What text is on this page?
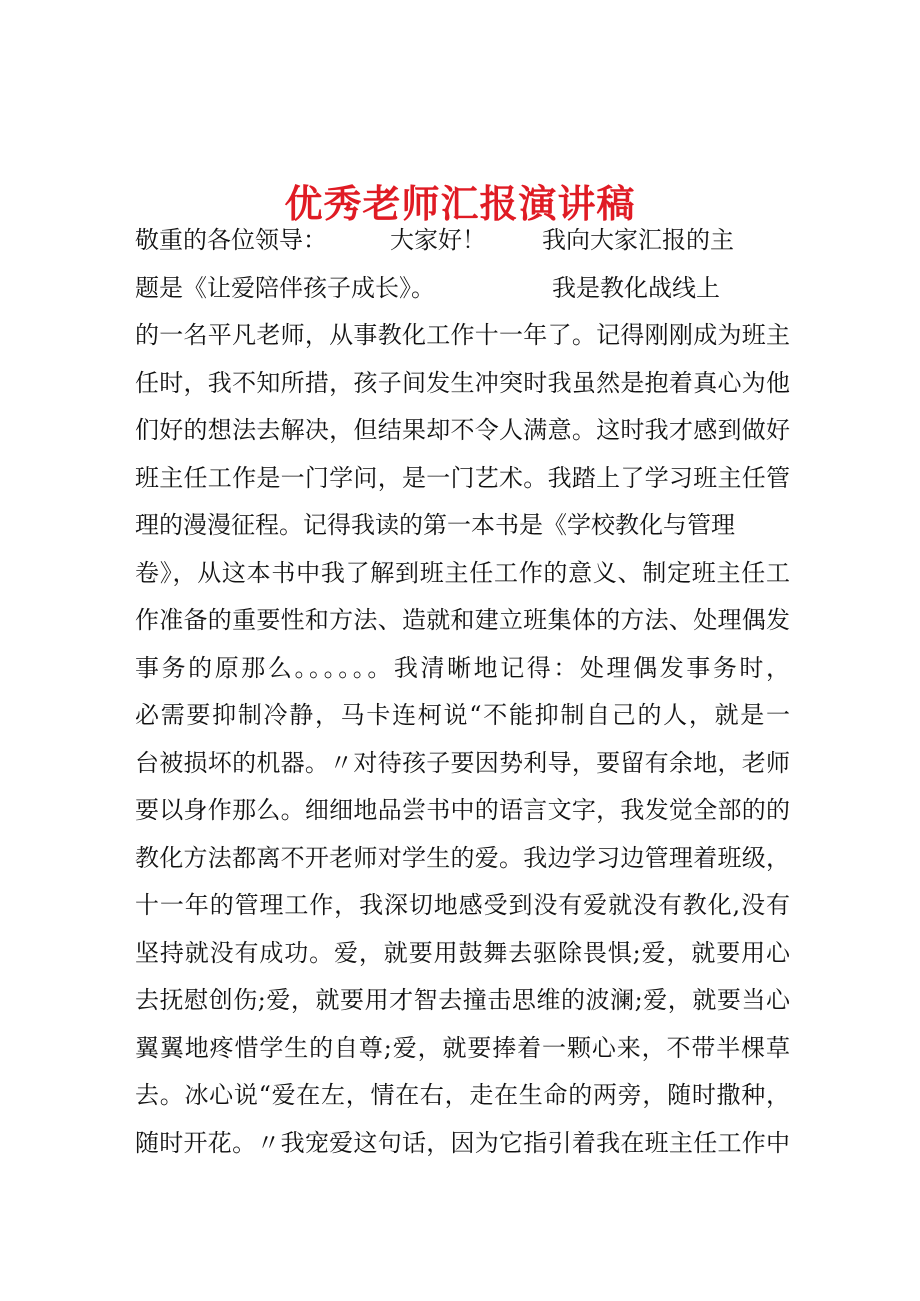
优秀老师汇报演讲稿
敬重的各位领导：	大家好！ 我向大家汇报的主
题是《让爱陪伴孩子成长》。	我是教化战线上
的一名平凡老师，从事教化工作十一年了。记得刚刚成为班主
任时，我不知所措，孩子间发生冲突时我虽然是抱着真心为他
们好的想法去解决，但结果却不令人满意。这时我才感到做好
班主任工作是一门学问，是一门艺术。我踏上了学习班主任管
理的漫漫征程。记得我读的第一本书是《学校教化与管理
卷》，从这本书中我了解到班主任工作的意义、制定班主任工
作准备的重要性和方法、造就和建立班集体的方法、处理偶发
事务的原那么。。。。。。我清晰地记得：处理偶发事务时，
必需要抑制冷静，马卡连柯说“不能抑制自己的人，就是一
台被损坏的机器。〃对待孩子要因势利导，要留有余地，老师
要以身作那么。细细地品尝书中的语言文字，我发觉全部的的
教化方法都离不开老师对学生的爱。我边学习边管理着班级，
十一年的管理工作，我深切地感受到没有爱就没有教化,没有
坚持就没有成功。爱，就要用鼓舞去驱除畏惧;爱，就要用心
去抚慰创伤;爱，就要用才智去撞击思维的波澜;爱，就要当心
翼翼地疼惜学生的自尊;爱，就要捧着一颗心来，不带半棵草
去。冰心说“爱在左，情在右，走在生命的两旁，随时撒种，
随时开花。〃我宠爱这句话，因为它指引着我在班主任工作中
